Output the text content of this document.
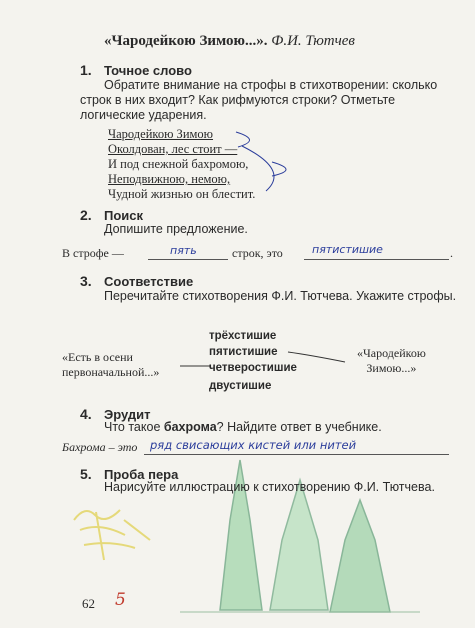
«Чародейкою Зимою...». Ф.И. Тютчев
1. Точное слово
Обратите внимание на строфы в стихотворении: сколько строк в них входит? Как рифмуются строки? Отметьте логические ударения.
Чародейкою Зимою
Околдован, лес стоит —
И под снежной бахромою,
Неподвижною, немою,
Чудной жизнью он блестит.
2. Поиск
Допишите предложение.
В строфе —	пять	строк, это	пятистишие	.
3. Соответствие
Перечитайте стихотворения Ф.И. Тютчева. Укажите строфы.
«Есть в осени
первоначальной...»
трёхстишие
пятистишие
четверостишие
двустишие
«Чародейкою
Зимою...»
4. Эрудит
Что такое бахрома? Найдите ответ в учебнике.
Бахрома – это ряд свисающих кистей или нитей
5. Проба пера
Нарисуйте иллюстрацию к стихотворению Ф.И. Тютчева.
62 5
